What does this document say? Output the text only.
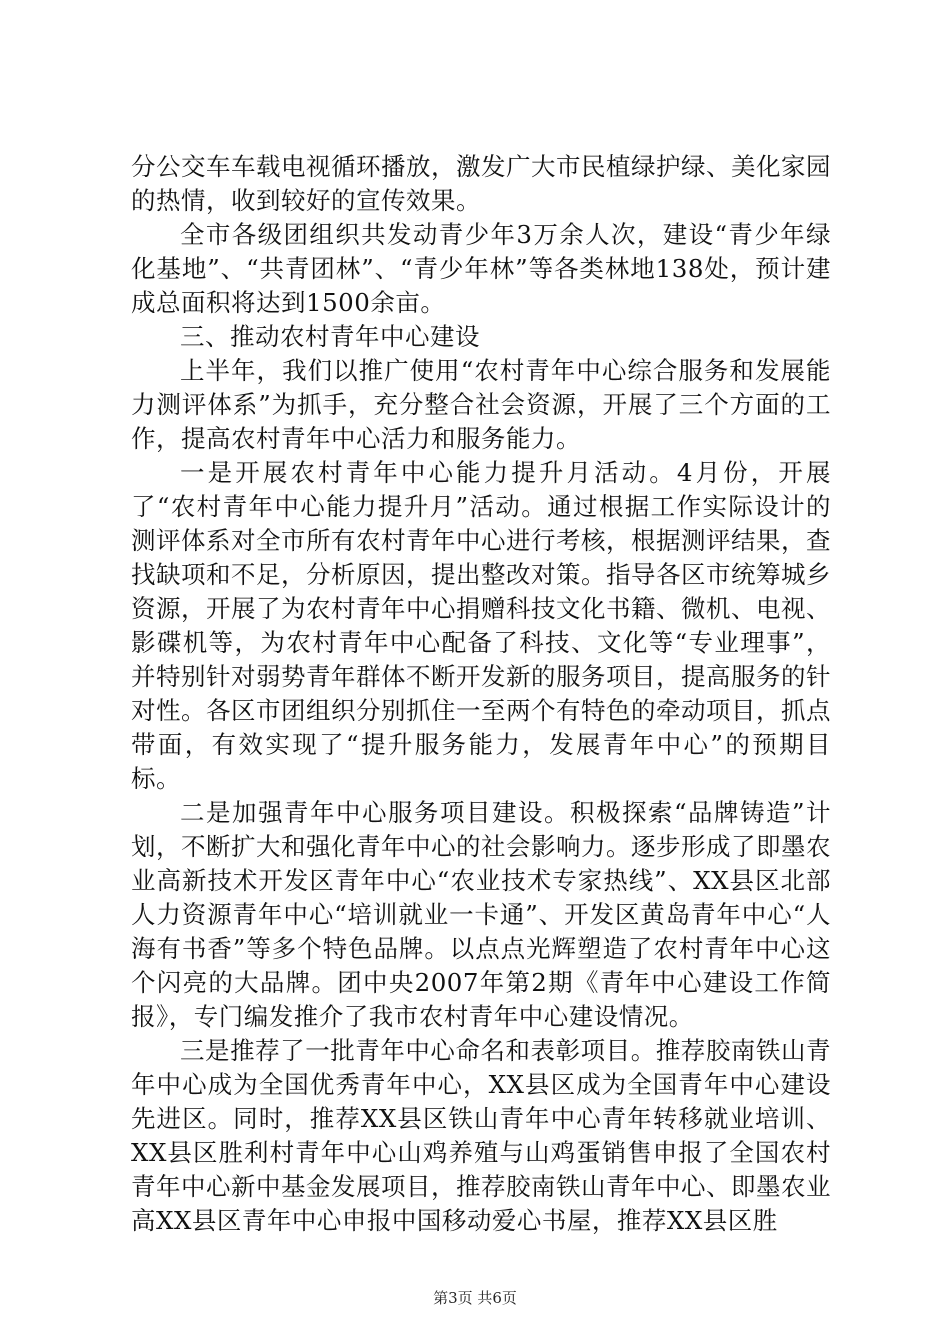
分公交车车载电视循环播放，激发广大市民植绿护绿、美化家园的热情，收到较好的宣传效果。

全市各级团组织共发动青少年3万余人次，建设“青少年绿化基地”、“共青团林”、“青少年林”等各类林地138处，预计建成总面积将达到1500余亩。

三、推动农村青年中心建设

上半年，我们以推广使用“农村青年中心综合服务和发展能力测评体系”为抓手，充分整合社会资源，开展了三个方面的工作，提高农村青年中心活力和服务能力。

一是开展农村青年中心能力提升月活动。4月份，开展了“农村青年中心能力提升月”活动。通过根据工作实际设计的测评体系对全市所有农村青年中心进行考核，根据测评结果，查找缺项和不足，分析原因，提出整改对策。指导各区市统筹城乡资源，开展了为农村青年中心捐赠科技文化书籍、微机、电视、影碟机等，为农村青年中心配备了科技、文化等“专业理事”，并特别针对弱势青年群体不断开发新的服务项目，提高服务的针对性。各区市团组织分别抓住一至两个有特色的牵动项目，抓点带面，有效实现了“提升服务能力，发展青年中心”的预期目标。

二是加强青年中心服务项目建设。积极探索“品牌铸造”计划，不断扩大和强化青年中心的社会影响力。逐步形成了即墨农业高新技术开发区青年中心“农业技术专家热线”、XX县区北部人力资源青年中心“培训就业一卡通”、开发区黄岛青年中心“人海有书香”等多个特色品牌。以点点光辉塑造了农村青年中心这个闪亮的大品牌。团中央2007年第2期《青年中心建设工作简报》，专门编发推介了我市农村青年中心建设情况。

三是推荐了一批青年中心命名和表彰项目。推荐胶南铁山青年中心成为全国优秀青年中心，XX县区成为全国青年中心建设先进区。同时，推荐XX县区铁山青年中心青年转移就业培训、XX县区胜利村青年中心山鸡养殖与山鸡蛋销售申报了全国农村青年中心新中基金发展项目，推荐胶南铁山青年中心、即墨农业高XX县区青年中心申报中国移动爱心书屋，推荐XX县区胜

第3页 共6页
